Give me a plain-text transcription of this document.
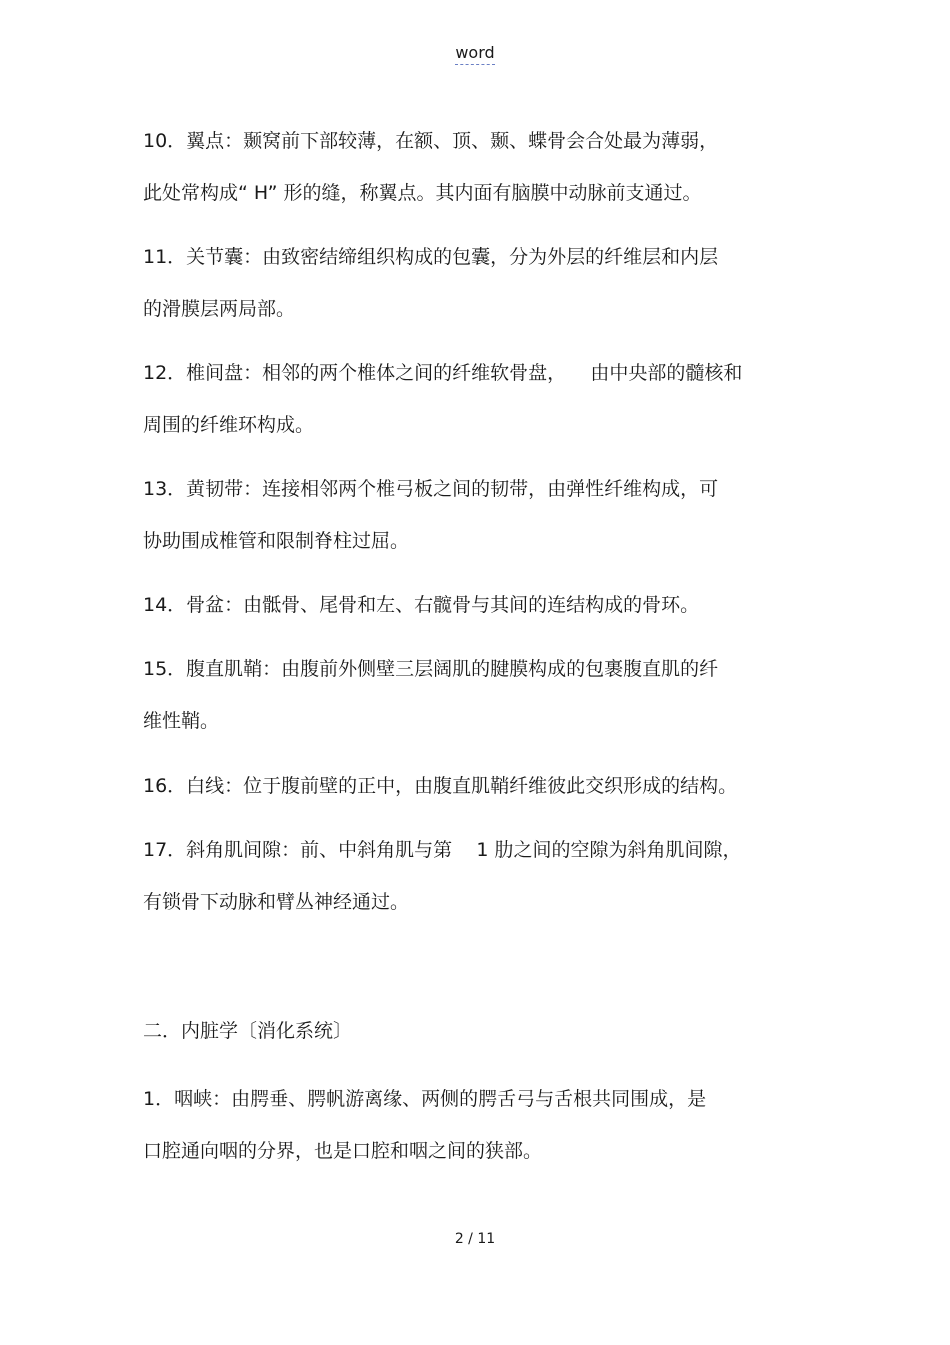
word
10．翼点：颞窝前下部较薄，在额、顶、颞、蝶骨会合处最为薄弱，
此处常构成“ H” 形的缝，称翼点。其内面有脑膜中动脉前支通过。
11．关节囊：由致密结缔组织构成的包囊，分为外层的纤维层和内层
的滑膜层两局部。
12．椎间盘：相邻的两个椎体之间的纤维软骨盘，    由中央部的髓核和
周围的纤维环构成。
13．黄韧带：连接相邻两个椎弓板之间的韧带，由弹性纤维构成，可
协助围成椎管和限制脊柱过屈。
14．骨盆：由骶骨、尾骨和左、右髋骨与其间的连结构成的骨环。
15．腹直肌鞘：由腹前外侧壁三层阔肌的腱膜构成的包裹腹直肌的纤
维性鞘。
16．白线：位于腹前壁的正中，由腹直肌鞘纤维彼此交织形成的结构。
17．斜角肌间隙：前、中斜角肌与第    1 肋之间的空隙为斜角肌间隙，
有锁骨下动脉和臂丛神经通过。
二．内脏学〔消化系统〕
1．咽峡：由腭垂、腭帆游离缘、两侧的腭舌弓与舌根共同围成，是
口腔通向咽的分界，也是口腔和咽之间的狭部。
2 / 11
